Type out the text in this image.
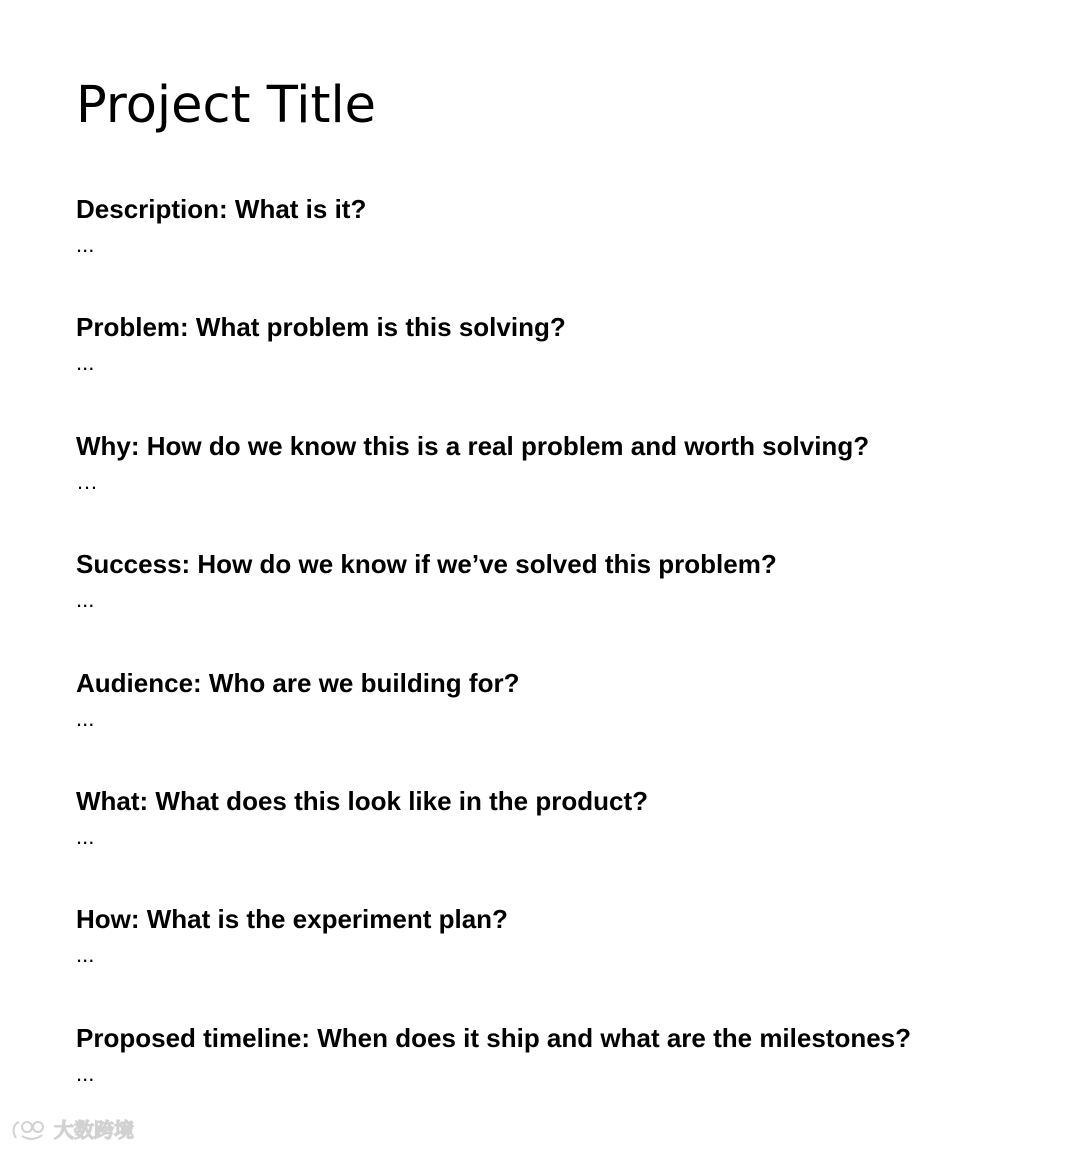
Project Title

Description: What is it?

...

Problem: What problem is this solving?

...

Why: How do we know this is a real problem and worth solving?

…

Success: How do we know if we’ve solved this problem?

...

Audience: Who are we building for?

...

What: What does this look like in the product?

...

How: What is the experiment plan?

...

Proposed timeline: When does it ship and what are the milestones?

...

大数跨境
